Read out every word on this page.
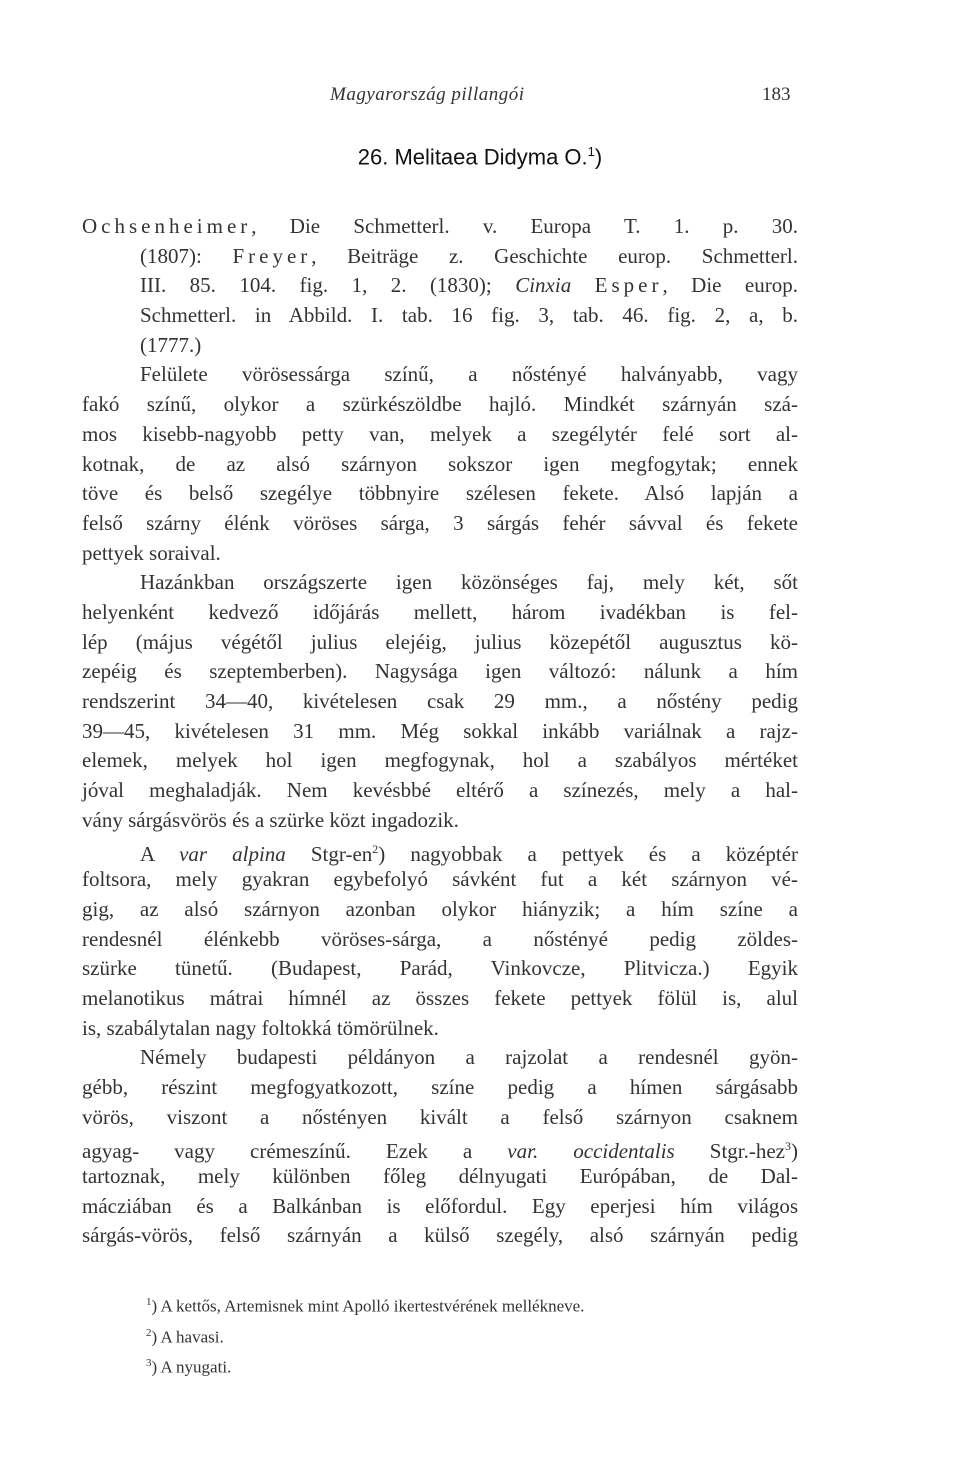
Magyarország pillangói	183
26. Melitaea Didyma O.$^1$)
Ochsenheimer, Die Schmetterl. v. Europa T. 1. p. 30.
(1807): Freyer, Beiträge z. Geschichte europ. Schmetterl.
III. 85. 104. fig. 1, 2. (1830); Cinxia Esper, Die europ.
Schmetterl. in Abbild. I. tab. 16 fig. 3, tab. 46. fig. 2, a, b.
(1777.)
Felülete vörösessárga színű, a nőstényé halványabb, vagy
fakó színű, olykor a szürkészöldbe hajló. Mindkét szárnyán szá-
mos kisebb-nagyobb petty van, melyek a szegélytér felé sort al-
kotnak, de az alsó szárnyon sokszor igen megfogytak; ennek
töve és belső szegélye többnyire szélesen fekete. Alsó lapján a
felső szárny élénk vöröses sárga, 3 sárgás fehér sávval és fekete
pettyek soraival.
Hazánkban országszerte igen közönséges faj, mely két, sőt
helyenként kedvező időjárás mellett, három ivadékban is fel-
lép (május végétől julius elejéig, julius közepétől augusztus kö-
zepéig és szeptemberben). Nagysága igen változó: nálunk a hím
rendszerint 34—40, kivételesen csak 29 mm., a nőstény pedig
39—45, kivételesen 31 mm. Még sokkal inkább variálnak a rajz-
elemek, melyek hol igen megfogynak, hol a szabályos mértéket
jóval meghaladják. Nem kevésbbé eltérő a színezés, mely a hal-
vány sárgásvörös és a szürke közt ingadozik.
A var alpina Stgr-$en^2$) nagyobbak a pettyek és a középtér
foltsora, mely gyakran egybefolyó sávként fut a két szárnyon vé-
gig, az alsó szárnyon azonban olykor hiányzik; a hím színe a
rendesnél élénkebb vöröses-sárga, a nőstényé pedig zöldes-
szürke tünetű. (Budapest, Parád, Vinkovcze, Plitvicza.) Egyik
melanotikus mátrai hímnél az összes fekete pettyek fölül is, alul
is, szabálytalan nagy foltokká tömörülnek.
Némely budapesti példányon a rajzolat a rendesnél gyön-
gébb, részint megfogyatkozott, színe pedig a hímen sárgásabb
vörös, viszont a nőstényen kivált a felső szárnyon csaknem
agyag- vagy crémeszínű. Ezek a var. occidentalis Stgr.-hez$^3$)
tartoznak, mely különben főleg délnyugati Európában, de Dal-
mácziában és a Balkánban is előfordul. Egy eperjesi hím világos
sárgás-vörös, felső szárnyán a külső szegély, alsó szárnyán pedig
$^1$) A kettős, Artemisnek mint Apolló ikertestvérének mellékneve.
$^2$) A havasi.
$^3$) A nyugati.
